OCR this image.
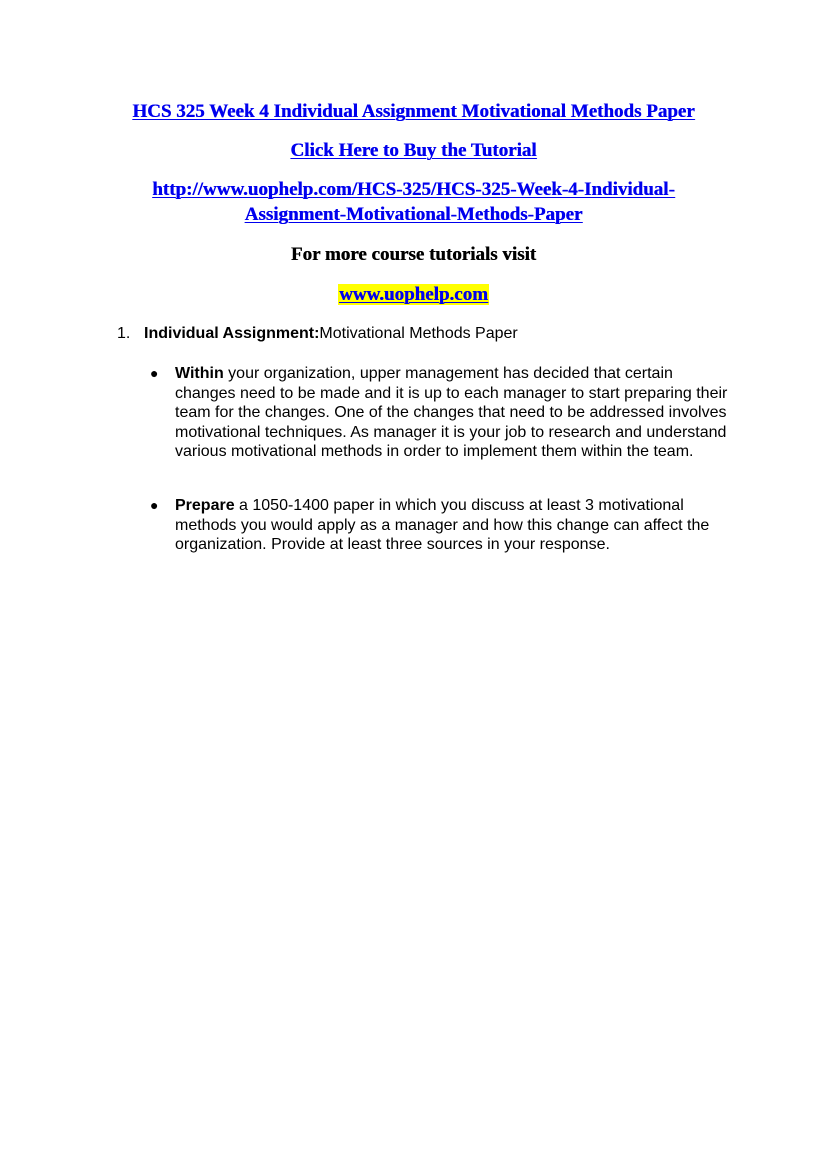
HCS 325 Week 4 Individual Assignment Motivational Methods Paper
Click Here to Buy the Tutorial
http://www.uophelp.com/HCS-325/HCS-325-Week-4-Individual-Assignment-Motivational-Methods-Paper
For more course tutorials visit
www.uophelp.com
1. Individual Assignment:Motivational Methods Paper
● Within your organization, upper management has decided that certain changes need to be made and it is up to each manager to start preparing their team for the changes. One of the changes that need to be addressed involves motivational techniques. As manager it is your job to research and understand various motivational methods in order to implement them within the team.
● Prepare a 1050-1400 paper in which you discuss at least 3 motivational methods you would apply as a manager and how this change can affect the organization. Provide at least three sources in your response.
